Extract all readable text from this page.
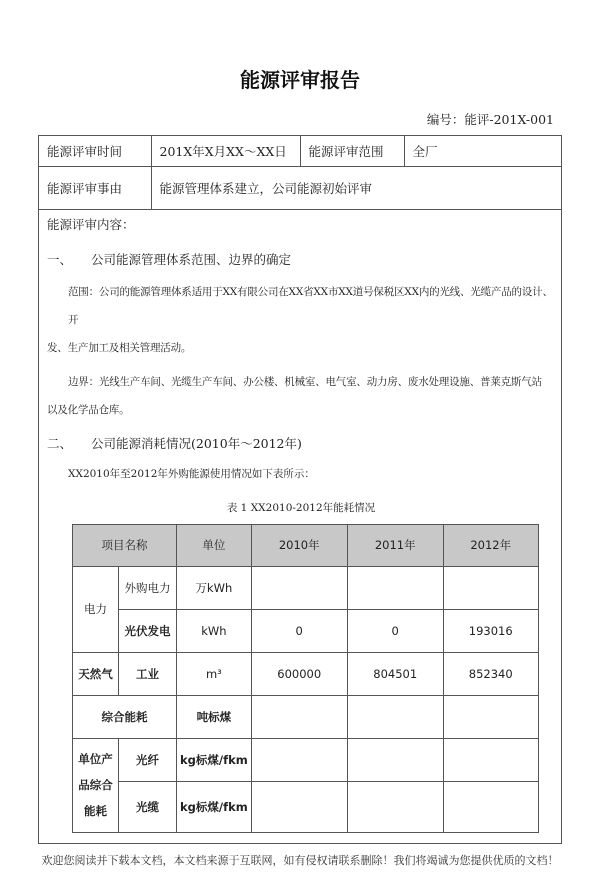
能源评审报告
编号：能评-201X-001
能源评审时间	201X年X月XX～XX日	能源评审范围	全厂
能源评审事由	能源管理体系建立，公司能源初始评审		
能源评审内容：
一、	公司能源管理体系范围、边界的确定
范围：公司的能源管理体系适用于XX有限公司在XX省XX市XX道号保税区XX内的光线、光缆产品的设计、开
发、生产加工及相关管理活动。
边界：光线生产车间、光缆生产车间、办公楼、机械室、电气室、动力房、废水处理设施、普莱克斯气站
以及化学品仓库。
二、	公司能源消耗情况(2010年～2012年)
XX2010年至2012年外购能源使用情况如下表所示：
表 1 XX2010-2012年能耗情况
项目名称		单位	2010年	2011年	2012年
电力	外购电力	万kWh			
	光伏发电	kWh	0	0	193016
天然气	工业	m³	600000	804501	852340
综合能耗		吨标煤			
单位产品综合能耗	光纤	kg标煤/fkm			
	光缆	kg标煤/fkm			
欢迎您阅读并下载本文档，本文档来源于互联网，如有侵权请联系删除！我们将竭诚为您提供优质的文档！
